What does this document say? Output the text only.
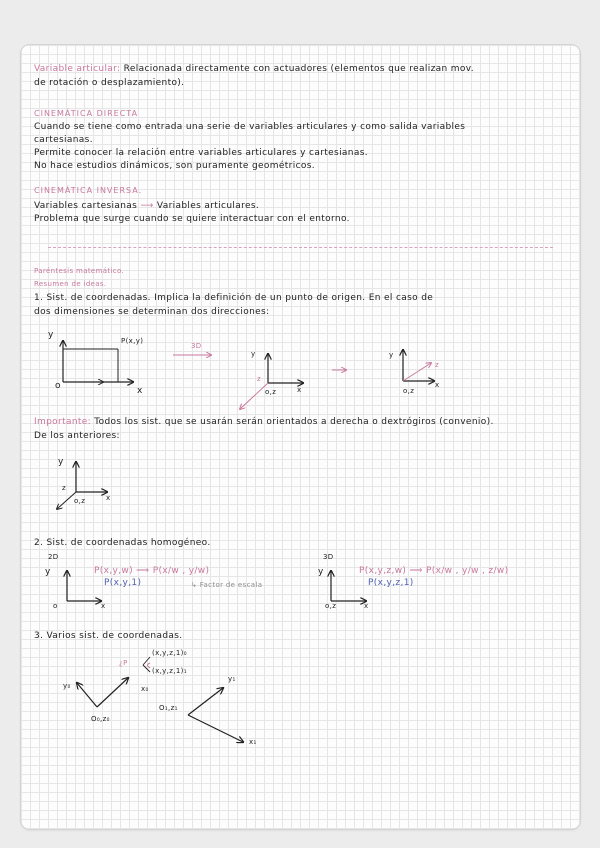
Variable articular: Relacionada directamente con actuadores (elementos que realizan mov.
de rotación o desplazamiento).
CINEMÁTICA DIRECTA
Cuando se tiene como entrada una serie de variables articulares y como salida variables
cartesianas.
Permite conocer la relación entre variables articulares y cartesianas.
No hace estudios dinámicos, son puramente geométricos.
CINEMÁTICA INVERSA.
Variables cartesianas ⟶ Variables articulares.
Problema que surge cuando se quiere interactuar con el entorno.
Paréntesis matemático.
Resumen de ideas.
1. Sist. de coordenadas. Implica la definición de un punto de origen. En el caso de
dos dimensiones se determinan dos direcciones:
y
P(x,y)
o	x
3D
y
z
x
o,z
y
z
x
o,z
Importante: Todos los sist. que se usarán serán orientados a derecha o dextrógiros (convenio).
De los anteriores:
y
z
x
o,z
2. Sist. de coordenadas homogéneo.
2D
y
x
o
P(x,y,w) ⟹ P(x/w , y/w)
P(x,y,1)	↳ Factor de escala
3D
y
x
o,z
P(x,y,z,w) ⟹ P(x/w , y/w , z/w)
P(x,y,z,1)
3. Varios sist. de coordenadas.
¿P
(x,y,z,1)₀
(x,y,z,1)₁
y₀	x₀
O₀,z₀
O₁,z₁
y₁
x₁
